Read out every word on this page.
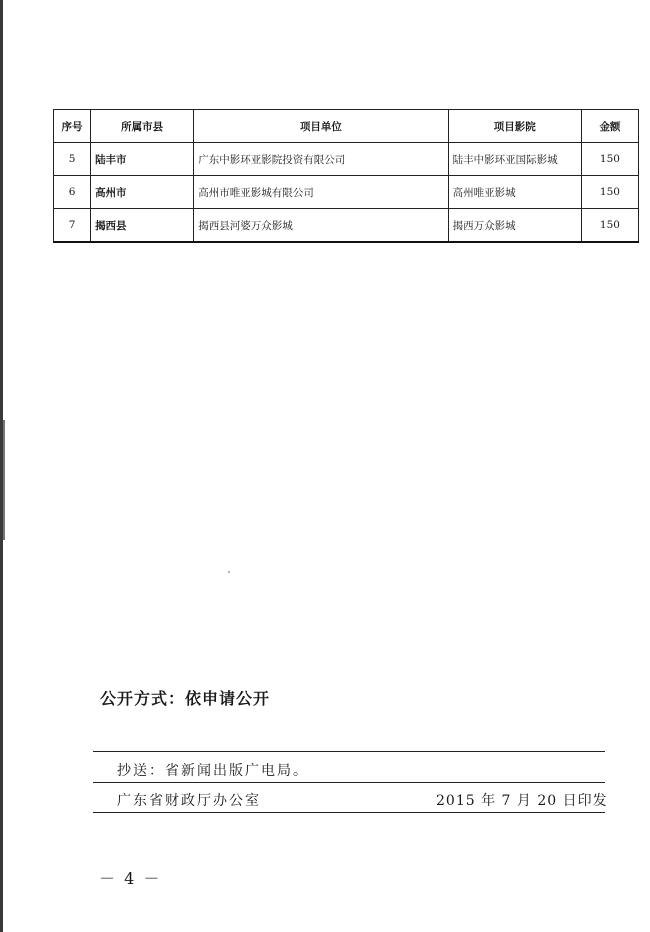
序号	所属市县	项目单位	项目影院	金额
5	陆丰市	广东中影环亚影院投资有限公司	陆丰中影环亚国际影城	150
6	高州市	高州市唯亚影城有限公司	高州唯亚影城	150
7	揭西县	揭西县河婆万众影城	揭西万众影城	150
公开方式：依申请公开
抄送：省新闻出版广电局。
广东省财政厅办公室	2015 年 7 月 20 日印发
－ 4 －
